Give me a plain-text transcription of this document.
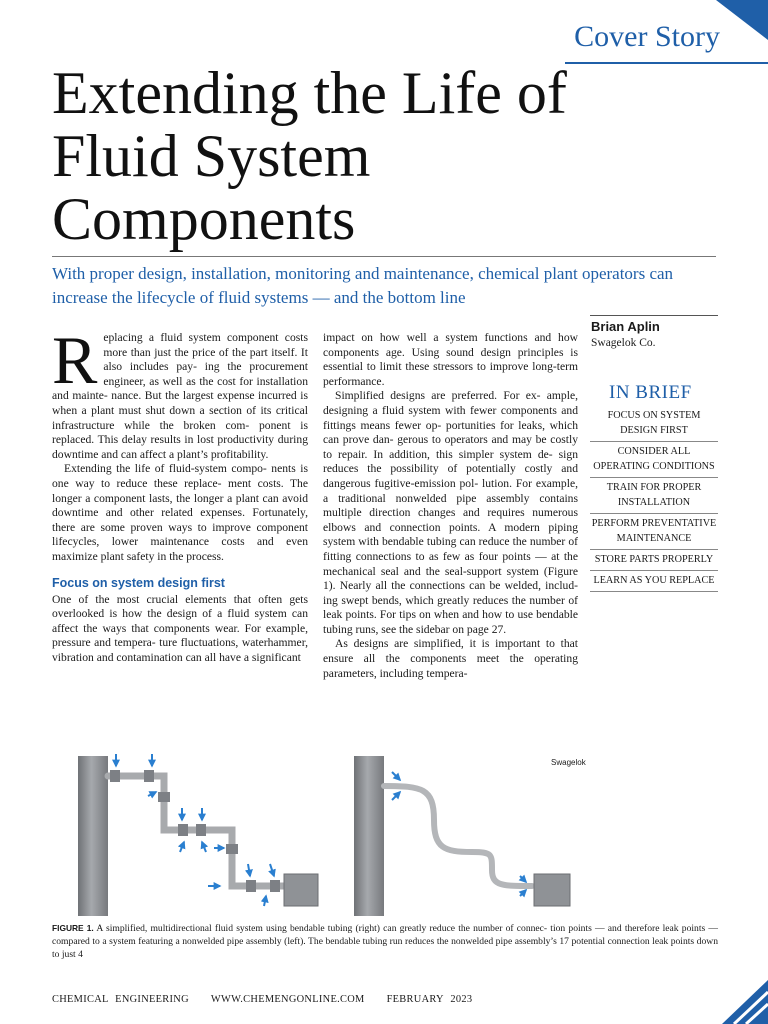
Cover Story
Extending the Life of
Fluid System
Components

With proper design, installation, monitoring and maintenance, chemical plant operators can increase the lifecycle of fluid systems — and the bottom line

Replacing a fluid system component costs more than just the price of the part itself. It also includes pay- ing the procurement engineer, as well as the cost for installation and mainte- nance. But the largest expense incurred is when a plant must shut down a section of its critical infrastructure while the broken com- ponent is replaced. This delay results in lost productivity during downtime and can affect a plant’s profitability.

Extending the life of fluid-system compo- nents is one way to reduce these replace- ment costs. The longer a component lasts, the longer a plant can avoid downtime and other related expenses. Fortunately, there are some proven ways to improve component lifecycles, lower maintenance costs and even maximize plant safety in the process.

Focus on system design first

One of the most crucial elements that often gets overlooked is how the design of a fluid system can affect the ways that components wear. For example, pressure and tempera- ture fluctuations, waterhammer, vibration and contamination can all have a significant

impact on how well a system functions and how components age. Using sound design principles is essential to limit these stressors to improve long-term performance.

Simplified designs are preferred. For ex- ample, designing a fluid system with fewer components and fittings means fewer op- portunities for leaks, which can prove dan- gerous to operators and may be costly to repair. In addition, this simpler system de- sign reduces the possibility of potentially costly and dangerous fugitive-emission pol- lution. For example, a traditional nonwelded pipe assembly contains multiple direction changes and requires numerous elbows and connection points. A modern piping system with bendable tubing can reduce the number of fitting connections to as few as four points — at the mechanical seal and the seal-support system (Figure 1). Nearly all the connections can be welded, includ- ing swept bends, which greatly reduces the number of leak points. For tips on when and how to use bendable tubing runs, see the sidebar on page 27.

As designs are simplified, it is important to that ensure all the components meet the operating parameters, including tempera-

Brian Aplin
Swagelok Co.
IN BRIEF
FOCUS ON SYSTEM DESIGN FIRST
CONSIDER ALL OPERATING CONDITIONS
TRAIN FOR PROPER INSTALLATION
PERFORM PREVENTATIVE MAINTENANCE
STORE PARTS PROPERLY
LEARN AS YOU REPLACE
Swagelok

FIGURE 1. A simplified, multidirectional fluid system using bendable tubing (right) can greatly reduce the number of connec- tion points — and therefore leak points — compared to a system featuring a nonwelded pipe assembly (left). The bendable tubing run reduces the nonwelded pipe assembly’s 17 potential connection leak points down to just 4

CHEMICAL ENGINEERING WWW.CHEMENGONLINE.COM FEBRUARY 2023
